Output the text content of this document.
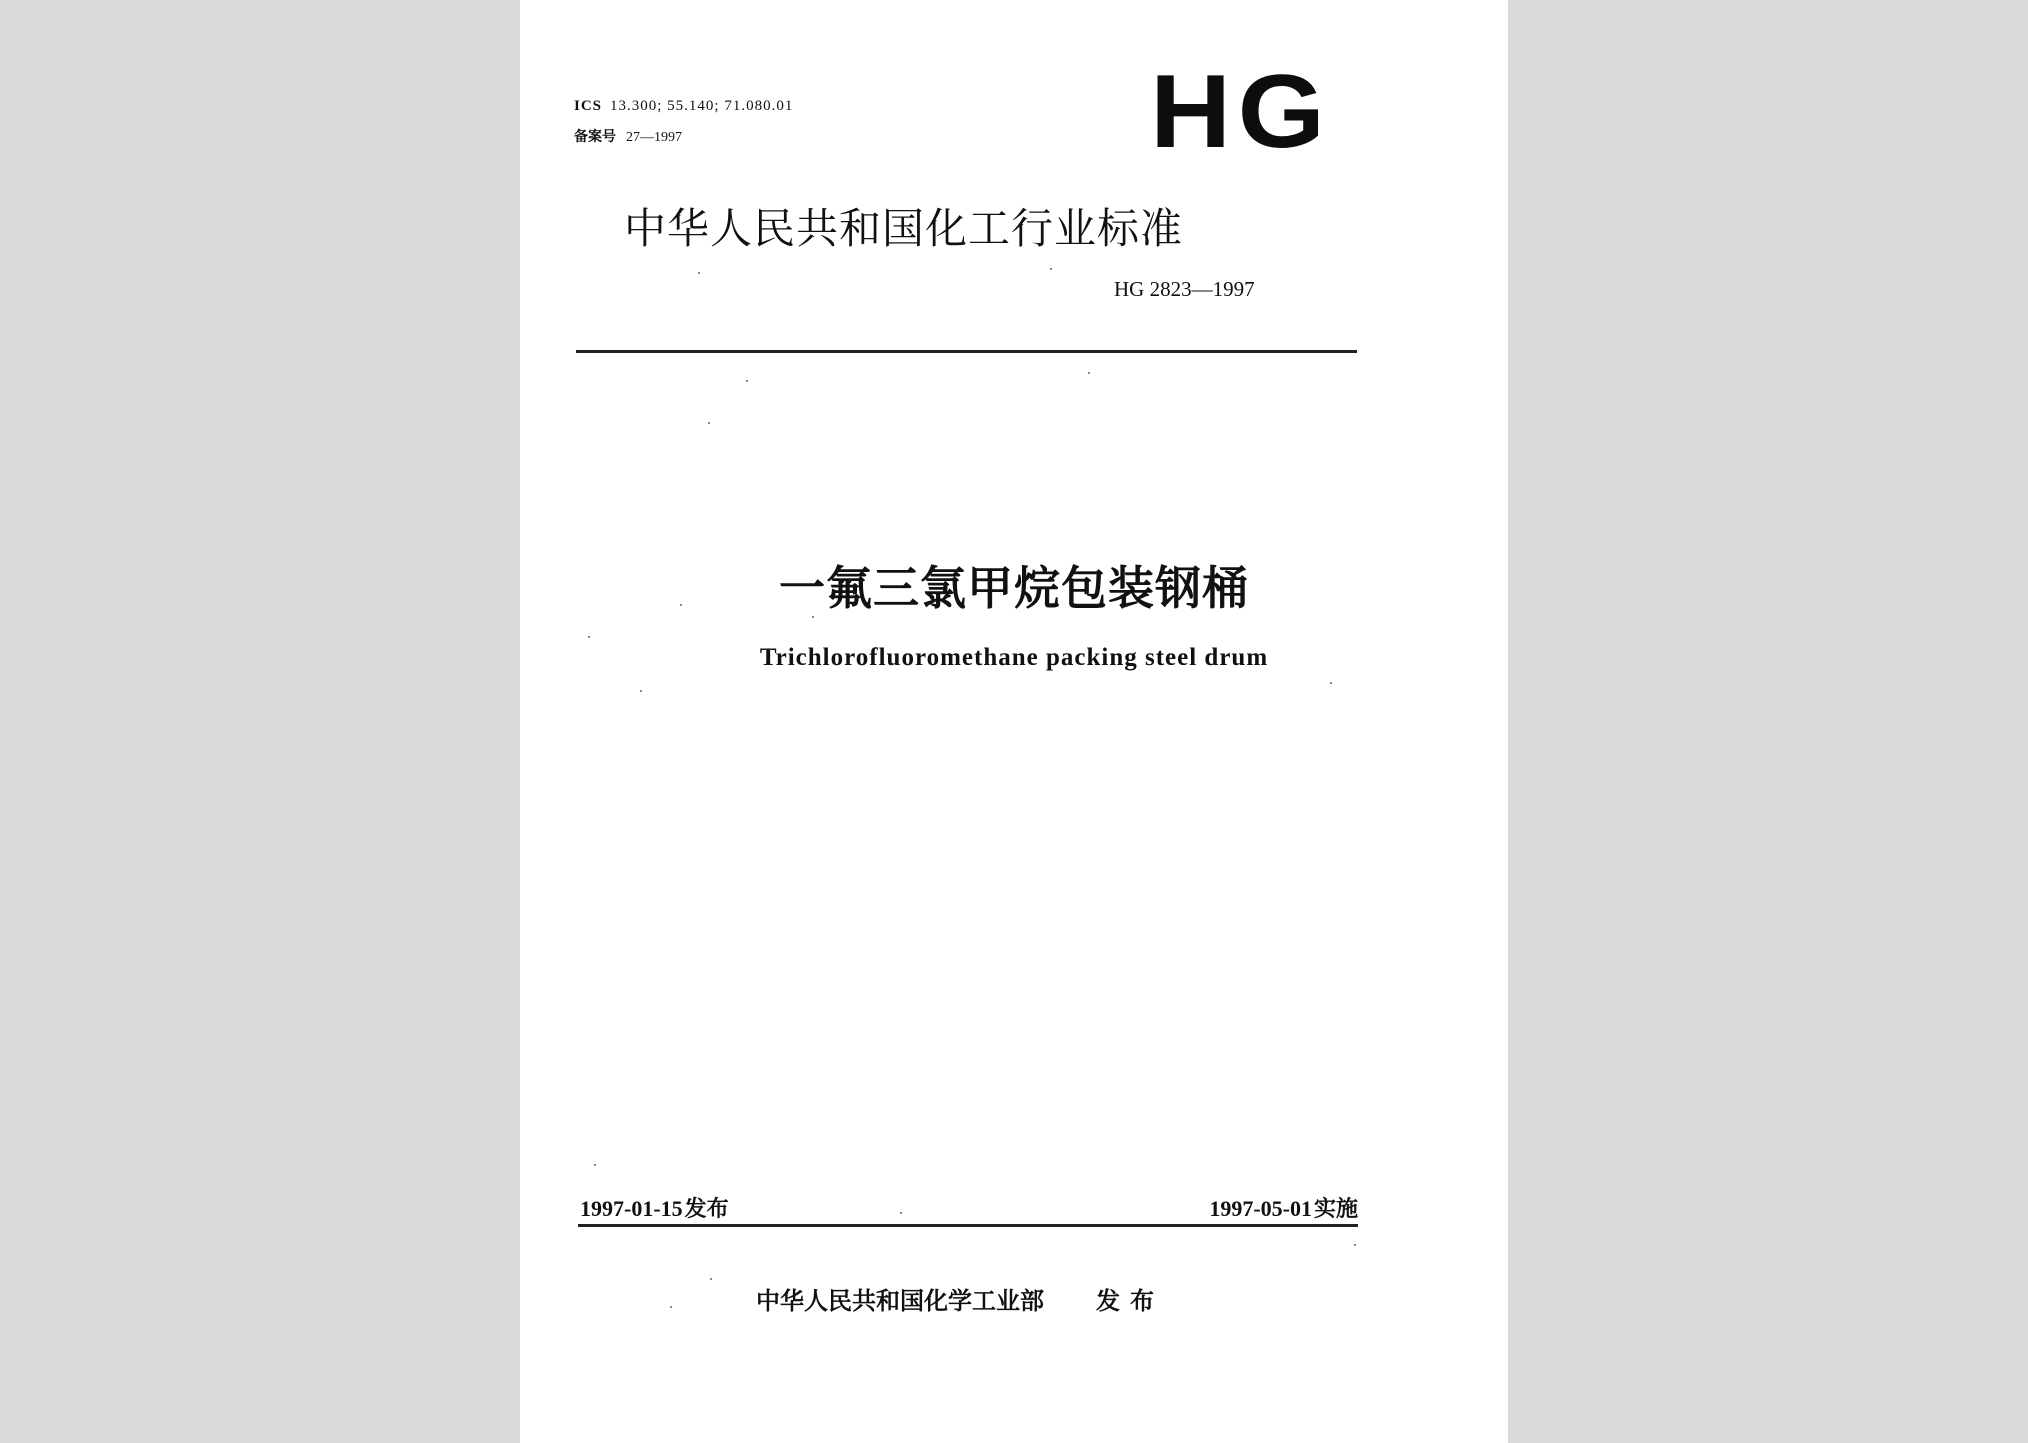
ICS 13.300; 55.140; 71.080.01
备案号 27—1997	HG
中华人民共和国化工行业标准
HG 2823—1997
一氟三氯甲烷包装钢桶
Trichlorofluoromethane packing steel drum
1997-01-15发布	1997-05-01实施
中华人民共和国化学工业部 发布
